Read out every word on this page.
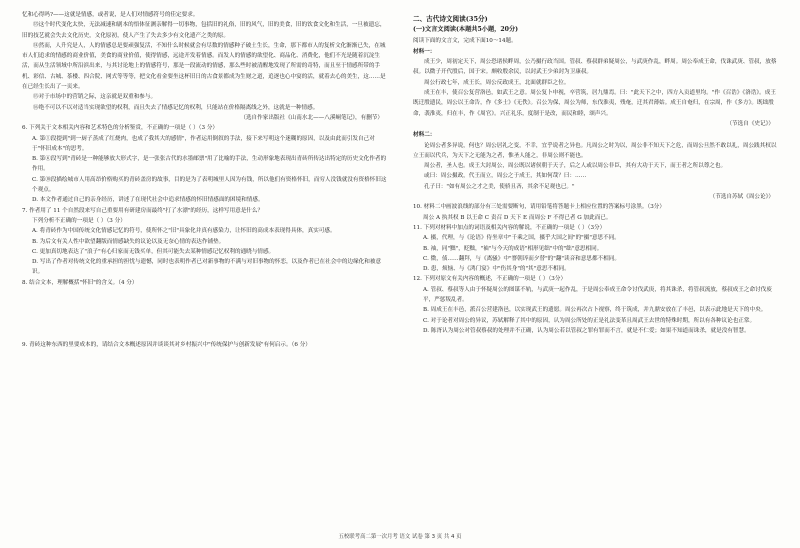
忆和心得吗?——这就是情感，或者说，是人们对情感符号的佳定要求。

⑬这个时代变化太快，无法减速和剧本的悟体征测亲解得一切事物，包括旧的礼俗，旧的风气，旧的美食，旧的饮食文化和生活，一旦被遗忘，旧的技艺就会失去文化历史，文化原初，使人产生了失去多少有文化遗产之类的原。

⑭然而，人升究是人，人的情感总是要顽强复活，不知什么时候就会有尽数的情感种子破土生长，生命，那下都市人的复析文化渐渐已失，在城市人们追求的情感的商业价值，美食的商业价值，使得情感，远途开发着情感。而发人的情感的欲望化、商品化、消费化，他们不光是随着沉淀生活，而从生活领域中所沿滨出来，与其讨论地上的情感符号，那是一段流动的情感，那么些时被清醒地发现了所需的奇特，而且至于情感所带的手机、彩信、古城、茶楼、四合院、网式等等等，把文化看金要坐这杯旧日的古食景都成为生财之道，追逐也心中宴的活，就着去心的美生，这……是在已经生长出了一页来。

⑮对于市场中的营销之际，这亲就是双重和参与。

⑯绝不可以不以对适当实现欲望的权利，而且失去了情感记忆的权利，只能站在价格隔离线之外，这就是一种情感。

（选自作家出版社《山南水北——八溪峒笔记》，有删节）

6. 下列关于文本相关内容和艺术特色的分析鉴赏，不正确的一项是（ ）（3 分）

A. 第①段提到"到一厨子蒸成了红烧肉，也成了我其大的感情"，作者运用倒叙的手法，接下来写明这个迷糊的原因，以及由此而引发自己对于"怀旧成本"的思考。

B. 第⑥段写到"青砖是一种能够放大形式字，是一张张古代的水墨邮票"用了比喻的手法，生动形象地表现出青砖所传达出特定的历史文化作者的作用。

C. 第⑩段描绘城市人用高昂价格购买的青砖盖房的故事，目的是为了表明城里人因为有钱，所以他们有资格怀旧，而穷人没钱就没有资格怀旧这个观点。

D. 本文作者通过自己的亲身经历，讲述了在现代社会中追求情感的怀旧情感面的困境和情感。

7. 作者用了 11 个自然段来写自己重要用有研建房而最终"打了水漂"的经历，这样写用意是什么？

下列分析不正确的一项是（ ）（3 分）

A. 将青砖作为中国传统文化情感记忆的符号，使所怀之"旧"具象化并真有感染力，让怀旧的高成本表现得具体，真实可感。

B. 为后文有关人性中欲望翻版而情感缺失的议论以及无奈心情的表达作铺垫。

C. 更加真切地表达了"浪子"有心归家而无钱买单，但其可能失去某种情感记忆权利的通晓与情感。

D. 写出了作者对传统文化的重承担的担忧与遗憾，同时也表明作者已对新事物的不满与对旧事物的怀恋，以及作者已在社会中的边缘化和被意识。

8. 结合文本，理解概括"怀旧"的含义。（4 分）

9. 青砖这种东西的里要成本的，请结合文本概述原因并谈谈其对乡村振兴中"传统保护与创新发展"有何启示。（6 分）

二、古代诗文阅读(35分)

(一)文言文阅读(本题共5小题，20分)

阅读下面的文言文，完成下面10～14题。

材料一：

成王少，周初定天下，周公恐诸侯畔周，公乃摄行政当国。管叔、蔡叔群弟疑周公，与武庚作乱，畔周。周公奉成王命，伐诛武庚、管叔，放蔡叔。以微子开代殷后，国于宋。颇收殷余民，以封武王少弟封为卫康叔。

周公行政七年，成王长，周公反政成王，北面就群臣之位。

成王在丰，使召公复营洛邑，如武王之意。周公复卜申视，卒营筑，居九鼎焉。曰："此天下之中，四方入贡道里均。"作《召诰》《洛诰》。成王既迁殷遗民，周公以王命告，作《多士》《无佚》。召公为保，周公为师，东伐淮夷，残奄，迁其君薄姑。成王自奄归，在宗周，作《多方》。既绌殷命，袭淮夷，归在丰，作《周官》。兴正礼乐，度制于是改，而民和睦，颂声兴。

（节选自《史记》）

材料二：

论周公者多异说，何也？周公居礼之变，不幸，宜乎说者之异也。凡周公之时为以，周公非不知天下之危，而周公旦然不敢以礼，周公践其权以立王而以代兵，为天下之无能为之者，惟圣人能之，非周公则不能也。

周公者，圣人也。成王大封周公，周公既以诸侯朝于天子，后之人或以周公非臣，其有大功于天下，而王者之所以尊之也。

或曰：周公摄政，代王而立，周公之于成王，其如何哉？曰：……

孔子曰："如有周公之才之美，使骄且吝，其余不足观也已。"

（节选自苏轼《周公论》）

10. 材料二中画波浪线的部分有三处需要断句，请用铅笔将答题卡上相应位置的答案标号涂黑。（3分）

周公 A 执其权 B 以王命 C 责召 D 天下 E 而周公 F 不得已者 G 加此而已。

11. 下列对材料中加点的词语及相关内容的解说，不正确的一项是（ ）（3分）

A. 摄，代理，与《论语》侍坐章中"千乘之国，摄乎大国之间"的"摄"意思不同。

B. 袖，同"黜"，贬黜，"袖"与今天的成语"相形见绌"中的"绌"意思相同。

C. 微，侦……翻拜，与《离骚》中"謇朝谇而夕替"的"翻"读音和意思都不相同。

D. 患，烦恼、与《鸿门宴》中"伤其身"的"其"意思不相同。

12. 下列对原文有关内容的概述，不正确的一项是（ ）（3分）

A. 管叔、蔡叔等人由于怀疑周公的图谋不轨，与武庚一起作乱，于是周公奉成王命令讨伐武庚，将其诛杀，将管叔流放，蔡叔成王之命讨伐废平，严惩叛乱者。

B. 周成王在丰邑，派召公营建洛邑，以实现武王的遗愿。周公再次占卜视察，终于筑成，并九鼎安放在了丰邑，以表示此地是天下的中央。

C. 对于论者对周公的异议，苏轼解释了其中的原因，认为周公所处的正是礼法变革且周武王去世的特殊时期，所以有各种议论也正常。

D. 陈胥认为周公对管叔蔡叔的处理并不正确，认为周公若以管叔之罪有罪而不言，就是不仁爱；如果不知道而诛杀，就是没有智慧。

五校联考高二第一次月考 语文 试卷 第 3 页 共 4 页
